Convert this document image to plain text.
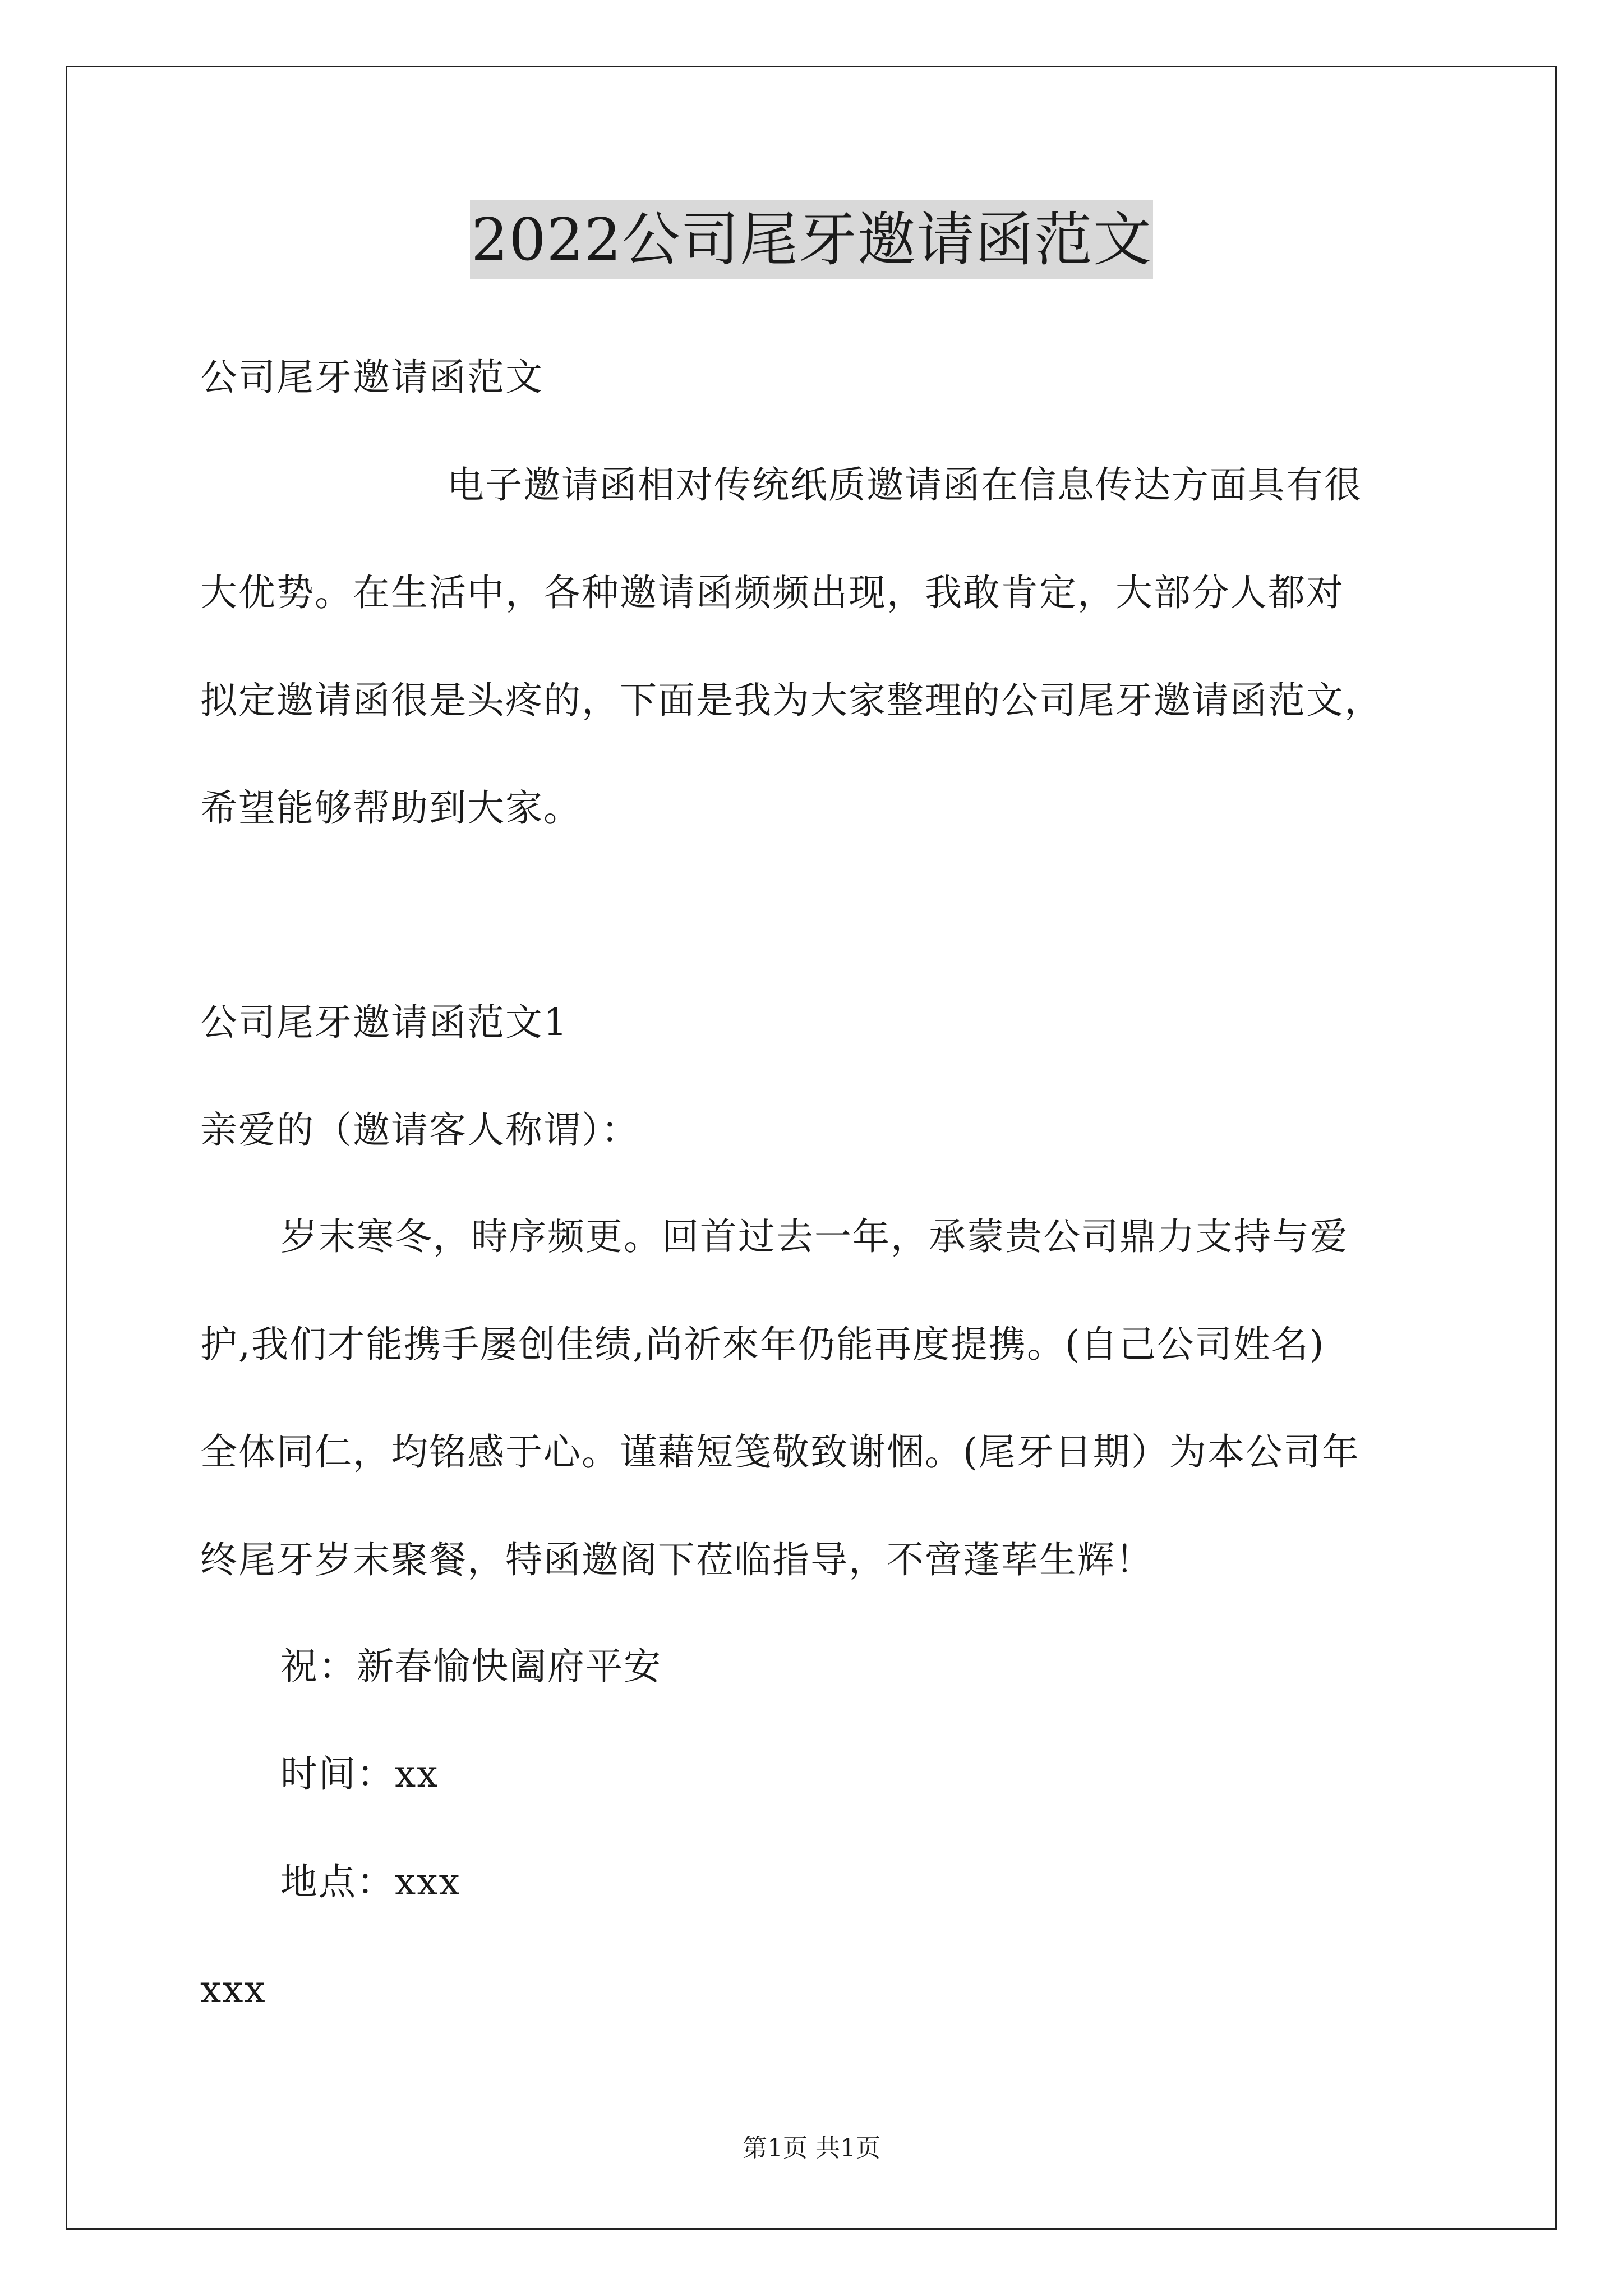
2022公司尾牙邀请函范文
公司尾牙邀请函范文
电子邀请函相对传统纸质邀请函在信息传达方面具有很
大优势。在生活中，各种邀请函频频出现，我敢肯定，大部分人都对
拟定邀请函很是头疼的，下面是我为大家整理的公司尾牙邀请函范文，
希望能够帮助到大家。
公司尾牙邀请函范文1
亲爱的（邀请客人称谓）：
岁末寒冬，時序频更。回首过去一年，承蒙贵公司鼎力支持与爱
护,我们才能携手屡创佳绩,尚祈來年仍能再度提携。(自己公司姓名)
全体同仁，均铭感于心。谨藉短笺敬致谢悃。(尾牙日期）为本公司年
终尾牙岁末聚餐，特函邀阁下莅临指导，不啻蓬荜生辉！
祝：新春愉快阖府平安
时间：xx
地点：xxx
xxx
第1页 共1页
